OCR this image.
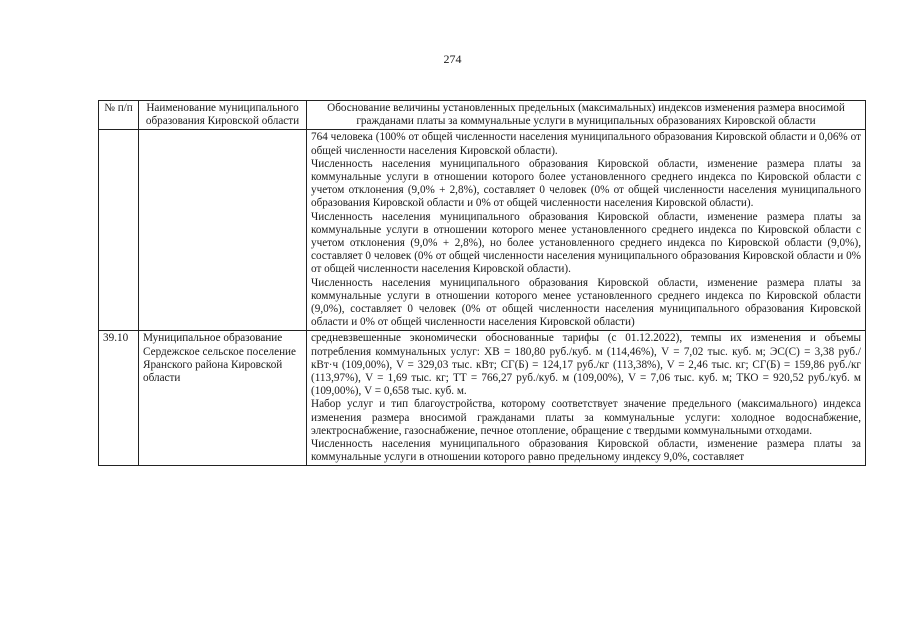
274
№ п/п	Наименование муниципального образования Кировской области	Обоснование величины установленных предельных (максимальных) индексов изменения размера вносимой гражданами платы за коммунальные услуги в муниципальных образованиях Кировской области

		764 человека (100% от общей численности населения муниципального образования Кировской области и 0,06% от общей численности населения Кировской области).

Численность населения муниципального образования Кировской области, изменение размера платы за коммунальные услуги в отношении которого более установленного среднего индекса по Кировской области с учетом отклонения (9,0% + 2,8%), составляет 0 человек (0% от общей численности населения муниципального образования Кировской области и 0% от общей численности населения Кировской области).

Численность населения муниципального образования Кировской области, изменение размера платы за коммунальные услуги в отношении которого менее установленного среднего индекса по Кировской области с учетом отклонения (9,0% + 2,8%), но более установленного среднего индекса по Кировской области (9,0%), составляет 0 человек (0% от общей численности населения муниципального образования Кировской области и 0% от общей численности населения Кировской области).

Численность населения муниципального образования Кировской области, изменение размера платы за коммунальные услуги в отношении которого менее установленного среднего индекса по Кировской области (9,0%), составляет 0 человек (0% от общей численности населения муниципального образования Кировской области и 0% от общей численности населения Кировской области)

39.10	Муниципальное образование Сердежское сельское поселение Яранского района Кировской области	средневзвешенные экономически обоснованные тарифы (с 01.12.2022), темпы их изменения и объемы потребления коммунальных услуг: ХВ = 180,80 руб./куб. м (114,46%), V = 7,02 тыс. куб. м; ЭС(С) = 3,38 руб./кВт·ч (109,00%), V = 329,03 тыс. кВт; СГ(Б) = 124,17 руб./кг (113,38%), V = 2,46 тыс. кг; СГ(Б) = 159,86 руб./кг (113,97%), V = 1,69 тыс. кг; ТТ = 766,27 руб./куб. м (109,00%), V = 7,06 тыс. куб. м; ТКО = 920,52 руб./куб. м (109,00%), V = 0,658 тыс. куб. м.

Набор услуг и тип благоустройства, которому соответствует значение предельного (максимального) индекса изменения размера вносимой гражданами платы за коммунальные услуги: холодное водоснабжение, электроснабжение, газоснабжение, печное отопление, обращение с твердыми коммунальными отходами.

Численность населения муниципального образования Кировской области, изменение размера платы за коммунальные услуги в отношении которого равно предельному индексу 9,0%, составляет
